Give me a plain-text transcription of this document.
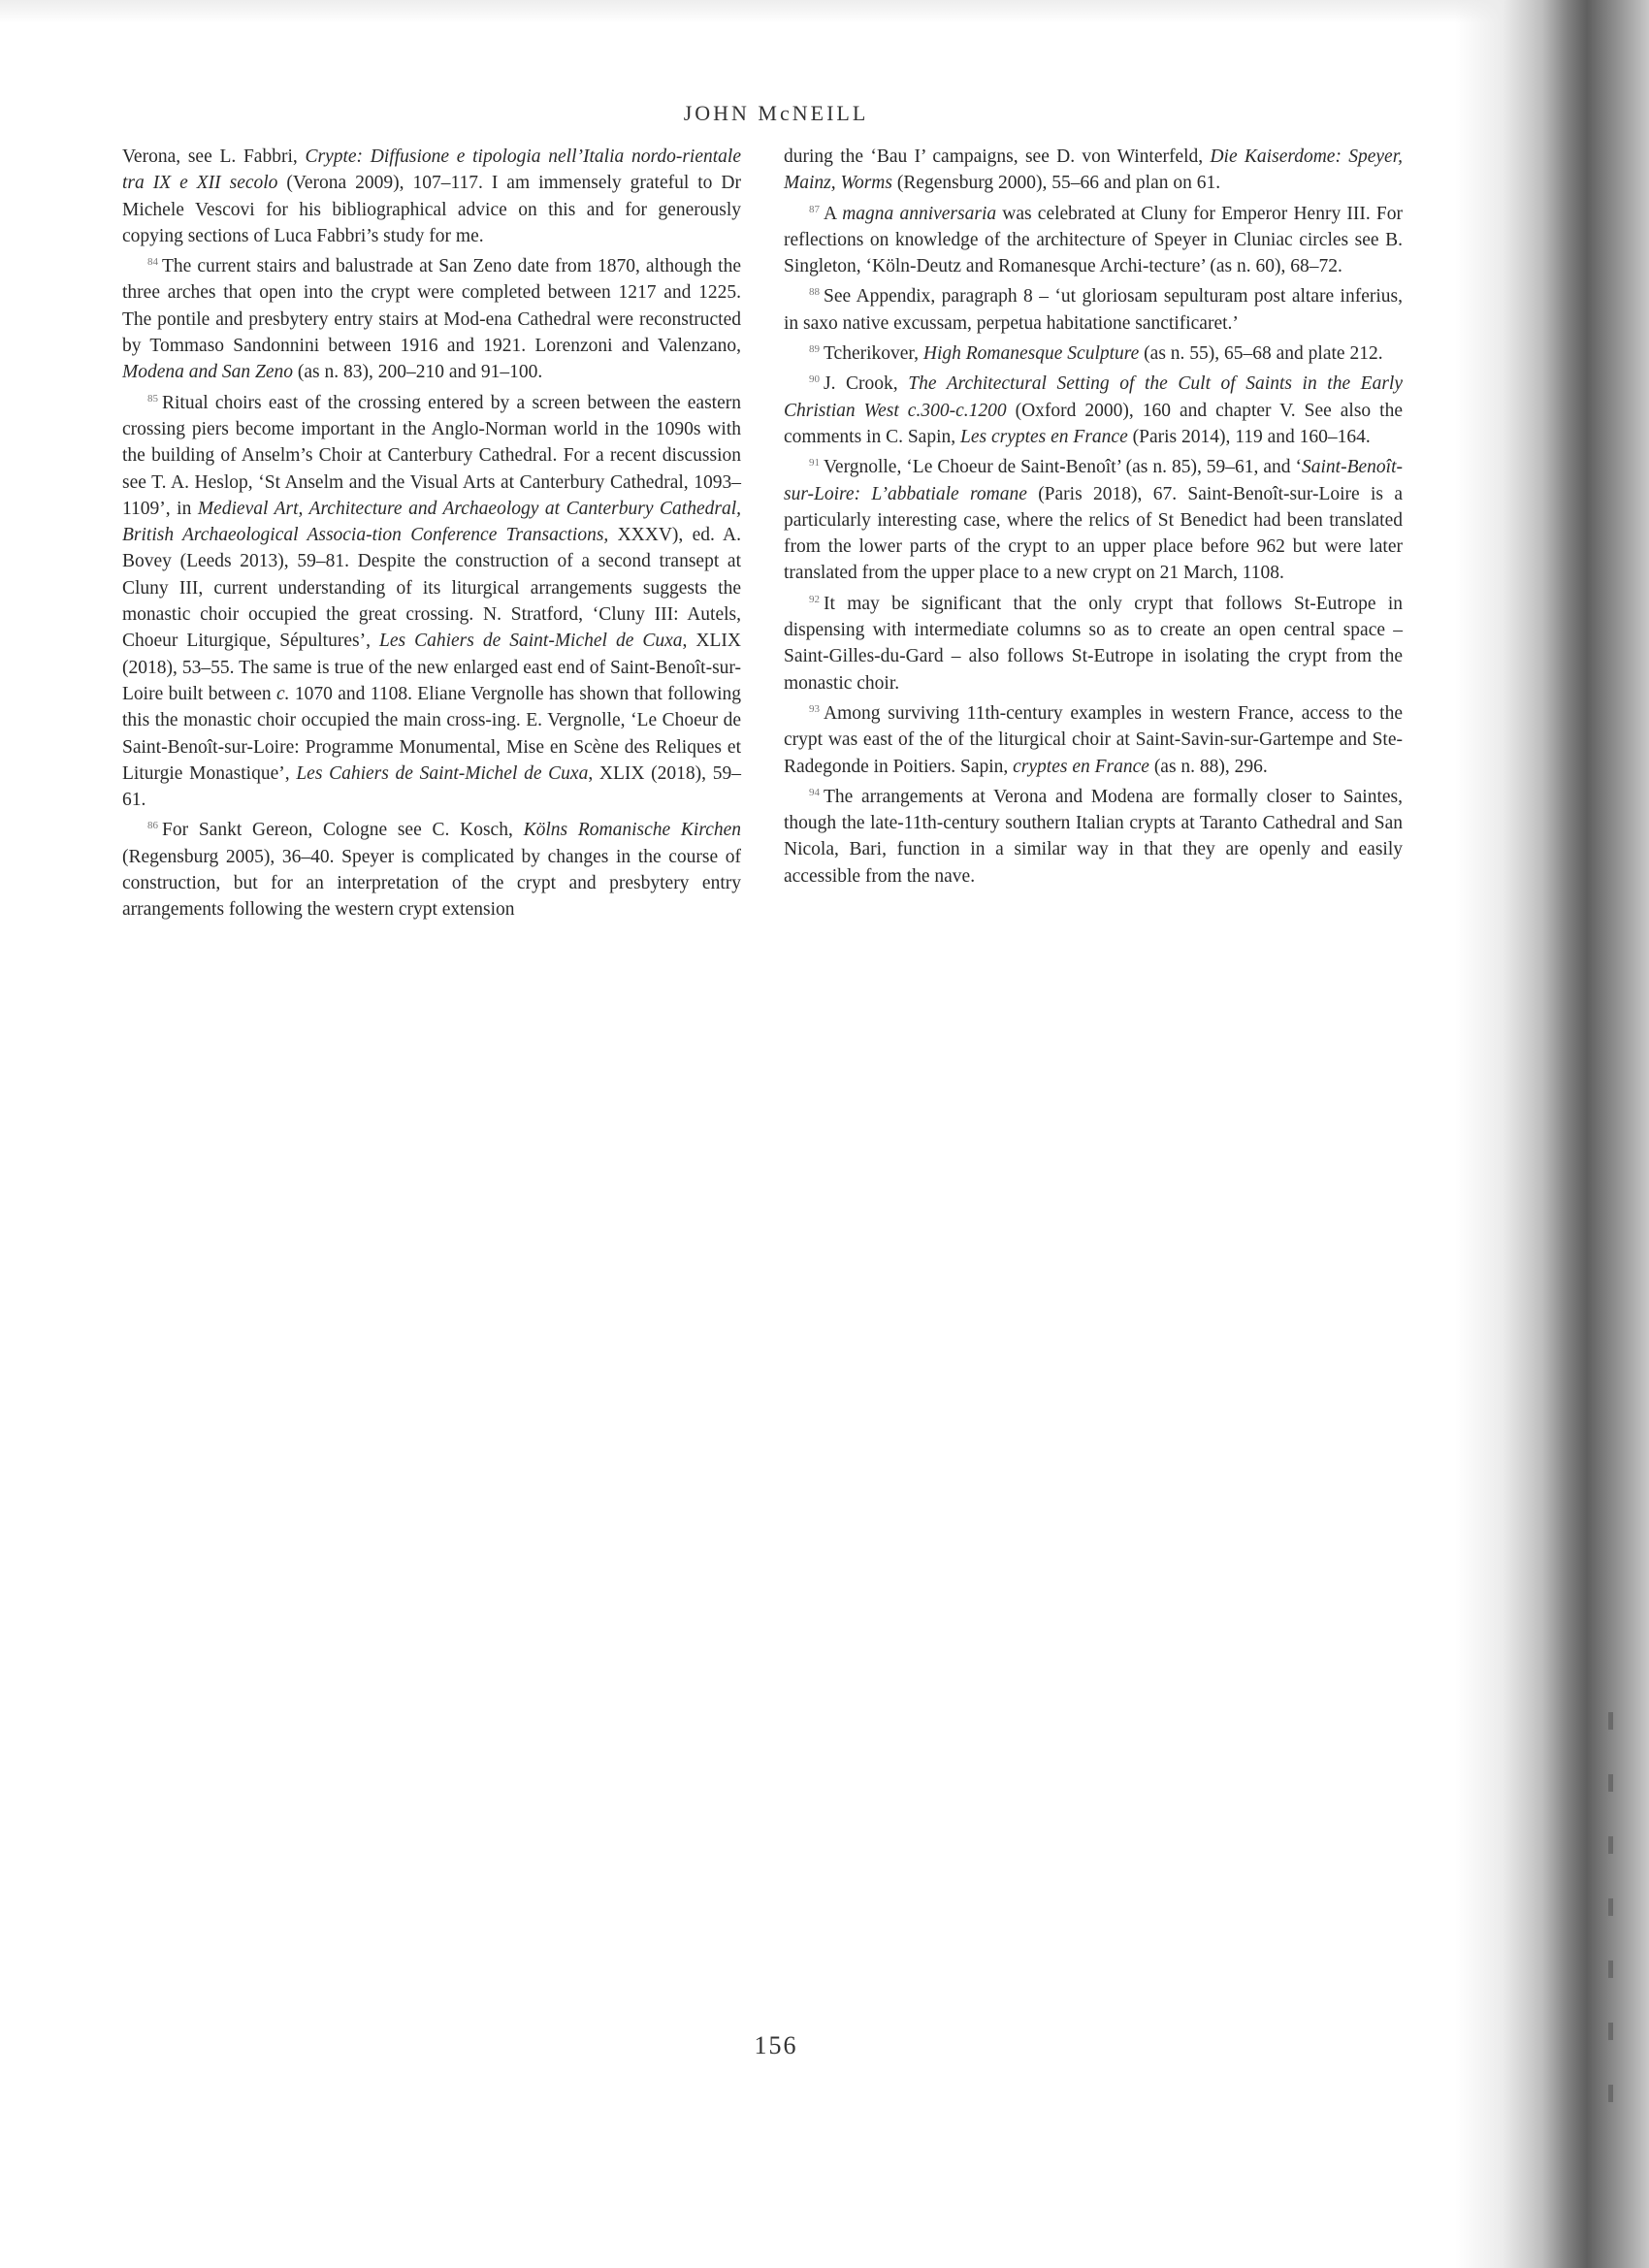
JOHN McNEILL

Verona, see L. Fabbri, Crypte: Diffusione e tipologia nell’Italia nordo-rientale tra IX e XII secolo (Verona 2009), 107–117. I am immensely grateful to Dr Michele Vescovi for his bibliographical advice on this and for generously copying sections of Luca Fabbri’s study for me.

$^{84}$ The current stairs and balustrade at San Zeno date from 1870, although the three arches that open into the crypt were completed between 1217 and 1225. The pontile and presbytery entry stairs at Mod-ena Cathedral were reconstructed by Tommaso Sandonnini between 1916 and 1921. Lorenzoni and Valenzano, Modena and San Zeno (as n. 83), 200–210 and 91–100.

$^{85}$ Ritual choirs east of the crossing entered by a screen between the eastern crossing piers become important in the Anglo-Norman world in the 1090s with the building of Anselm’s Choir at Canterbury Cathedral. For a recent discussion see T. A. Heslop, ‘St Anselm and the Visual Arts at Canterbury Cathedral, 1093–1109’, in Medieval Art, Architecture and Archaeology at Canterbury Cathedral, British Archaeological Associa-tion Conference Transactions, XXXV), ed. A. Bovey (Leeds 2013), 59–81. Despite the construction of a second transept at Cluny III, current understanding of its liturgical arrangements suggests the monastic choir occupied the great crossing. N. Stratford, ‘Cluny III: Autels, Choeur Liturgique, Sépultures’, Les Cahiers de Saint-Michel de Cuxa, XLIX (2018), 53–55. The same is true of the new enlarged east end of Saint-Benoît-sur-Loire built between c. 1070 and 1108. Eliane Vergnolle has shown that following this the monastic choir occupied the main cross-ing. E. Vergnolle, ‘Le Choeur de Saint-Benoît-sur-Loire: Programme Monumental, Mise en Scène des Reliques et Liturgie Monastique’, Les Cahiers de Saint-Michel de Cuxa, XLIX (2018), 59–61.

$^{86}$ For Sankt Gereon, Cologne see C. Kosch, Kölns Romanische Kirchen (Regensburg 2005), 36–40. Speyer is complicated by changes in the course of construction, but for an interpretation of the crypt and presbytery entry arrangements following the western crypt extension

during the ‘Bau I’ campaigns, see D. von Winterfeld, Die Kaiserdome: Speyer, Mainz, Worms (Regensburg 2000), 55–66 and plan on 61.

$^{87}$ A magna anniversaria was celebrated at Cluny for Emperor Henry III. For reflections on knowledge of the architecture of Speyer in Cluniac circles see B. Singleton, ‘Köln-Deutz and Romanesque Archi-tecture’ (as n. 60), 68–72.

$^{88}$ See Appendix, paragraph 8 – ‘ut gloriosam sepulturam post altare inferius, in saxo native excussam, perpetua habitatione sanctificaret.’

$^{89}$ Tcherikover, High Romanesque Sculpture (as n. 55), 65–68 and plate 212.

$^{90}$ J. Crook, The Architectural Setting of the Cult of Saints in the Early Christian West c.300-c.1200 (Oxford 2000), 160 and chapter V. See also the comments in C. Sapin, Les cryptes en France (Paris 2014), 119 and 160–164.

$^{91}$ Vergnolle, ‘Le Choeur de Saint-Benoît’ (as n. 85), 59–61, and ‘Saint-Benoît-sur-Loire: L’abbatiale romane (Paris 2018), 67. Saint-Benoît-sur-Loire is a particularly interesting case, where the relics of St Benedict had been translated from the lower parts of the crypt to an upper place before 962 but were later translated from the upper place to a new crypt on 21 March, 1108.

$^{92}$ It may be significant that the only crypt that follows St-Eutrope in dispensing with intermediate columns so as to create an open central space – Saint-Gilles-du-Gard – also follows St-Eutrope in isolating the crypt from the monastic choir.

$^{93}$ Among surviving 11th-century examples in western France, access to the crypt was east of the of the liturgical choir at Saint-Savin-sur-Gartempe and Ste-Radegonde in Poitiers. Sapin, cryptes en France (as n. 88), 296.

$^{94}$ The arrangements at Verona and Modena are formally closer to Saintes, though the late-11th-century southern Italian crypts at Taranto Cathedral and San Nicola, Bari, function in a similar way in that they are openly and easily accessible from the nave.

156
